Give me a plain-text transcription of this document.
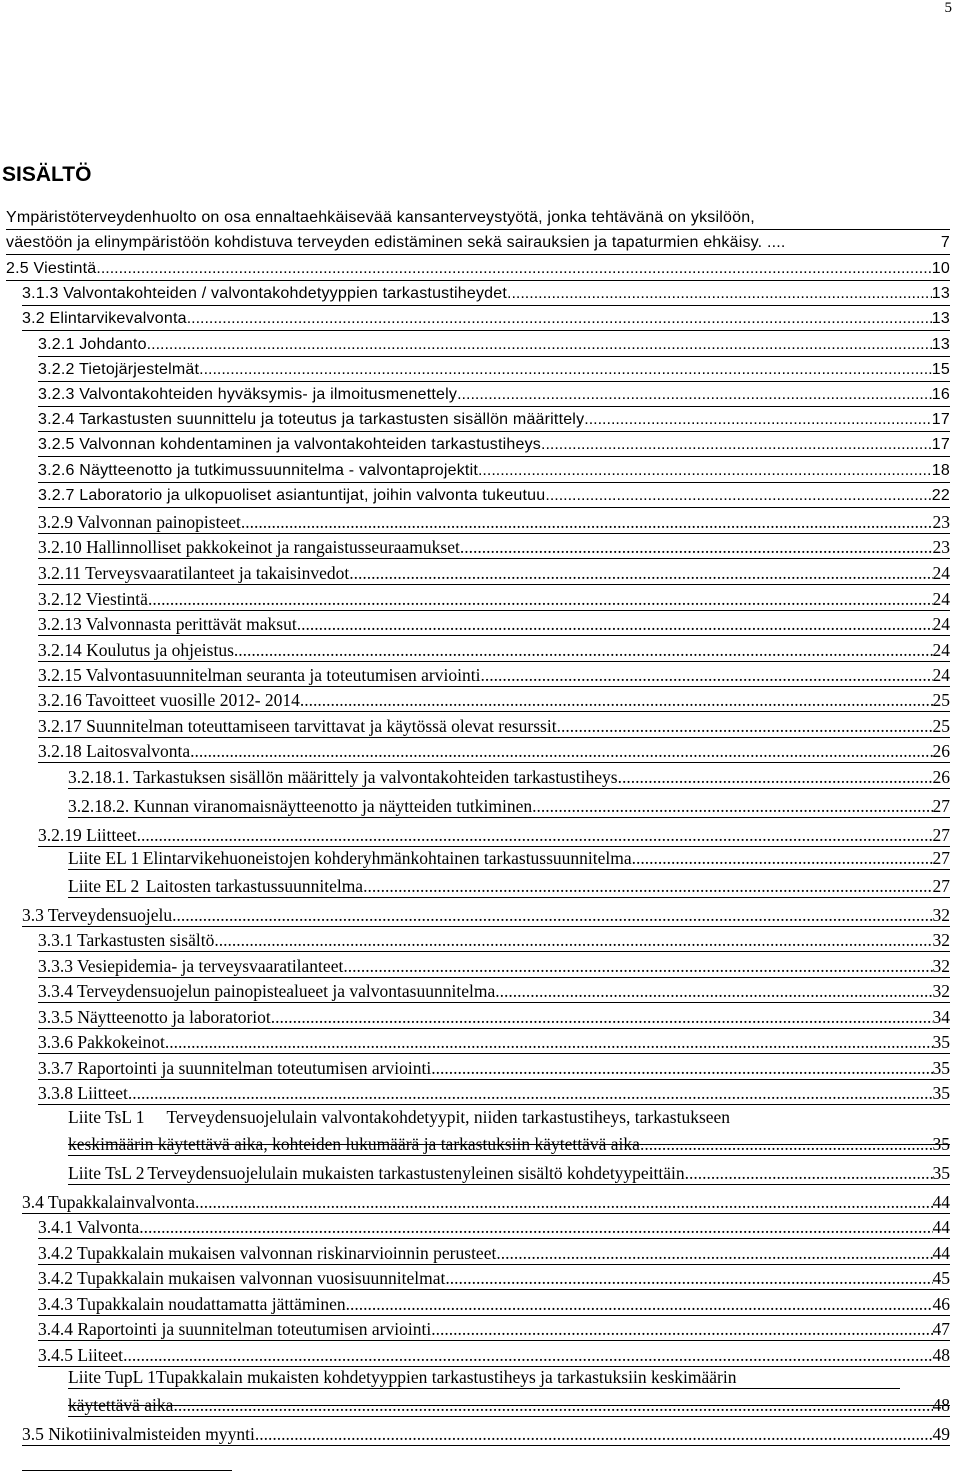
5
SISÄLTÖ
Ympäristöterveydenhuolto on osa ennaltaehkäisevää kansanterveystyötä, jonka tehtävänä on yksilöön,
väestöön ja elinympäristöön kohdistuva terveyden edistäminen sekä sairauksien ja tapaturmien ehkäisy. ....	7
2.5 Viestintä .....	10
3.1.3 Valvontakohteiden / valvontakohdetyyppien tarkastustiheydet .....	13
3.2 Elintarvikevalvonta .....	13
3.2.1 Johdanto .....	13
3.2.2 Tietojärjestelmät .....	15
3.2.3 Valvontakohteiden hyväksymis- ja ilmoitusmenettely .....	16
3.2.4 Tarkastusten suunnittelu ja toteutus ja tarkastusten sisällön määrittely .....	17
3.2.5 Valvonnan kohdentaminen ja valvontakohteiden tarkastustiheys .....	17
3.2.6 Näytteenotto ja tutkimussuunnitelma - valvontaprojektit .....	18
3.2.7 Laboratorio ja ulkopuoliset asiantuntijat, joihin valvonta tukeutuu .....	22
3.2.9 Valvonnan painopisteet .....	23
3.2.10 Hallinnolliset pakkokeinot ja rangaistusseuraamukset .....	23
3.2.11 Terveysvaaratilanteet ja takaisinvedot .....	24
3.2.12 Viestintä .....	24
3.2.13 Valvonnasta perittävät maksut .....	24
3.2.14 Koulutus ja ohjeistus .....	24
3.2.15 Valvontasuunnitelman seuranta ja toteutumisen arviointi .....	24
3.2.16 Tavoitteet vuosille 2012- 2014 .....	25
3.2.17 Suunnitelman toteuttamiseen tarvittavat ja käytössä olevat resurssit .....	25
3.2.18 Laitosvalvonta .....	26
3.2.18.1. Tarkastuksen sisällön määrittely ja valvontakohteiden tarkastustiheys .....	26
3.2.18.2. Kunnan viranomaisnäytteenotto ja näytteiden tutkiminen .....	27
3.2.19 Liitteet .....	27
Liite EL 1 Elintarvikehuoneistojen kohderyhmänkohtainen tarkastussuunnitelma .....	27
Liite EL 2 Laitosten tarkastussuunnitelma .....	27
3.3 Terveydensuojelu .....	32
3.3.1 Tarkastusten sisältö .....	32
3.3.3 Vesiepidemia- ja terveysvaaratilanteet .....	32
3.3.4 Terveydensuojelun painopistealueet ja valvontasuunnitelma .....	32
3.3.5 Näytteenotto ja laboratoriot .....	34
3.3.6 Pakkokeinot .....	35
3.3.7 Raportointi ja suunnitelman toteutumisen arviointi .....	35
3.3.8 Liitteet .....	35
Liite TsL 1 Terveydensuojelulain valvontakohdetyypit, niiden tarkastustiheys, tarkastukseen
keskimäärin käytettävä aika, kohteiden lukumäärä ja tarkastuksiin käytettävä aika .....	35
Liite TsL 2 Terveydensuojelulain mukaisten tarkastustenyleinen sisältö kohdetyypeittäin .....	35
3.4 Tupakkalainvalvonta .....	44
3.4.1 Valvonta .....	44
3.4.2 Tupakkalain mukaisen valvonnan riskinarvioinnin perusteet .....	44
3.4.2 Tupakkalain mukaisen valvonnan vuosisuunnitelmat .....	45
3.4.3 Tupakkalain noudattamatta jättäminen .....	46
3.4.4 Raportointi ja suunnitelman toteutumisen arviointi .....	47
3.4.5 Liiteet .....	48
Liite TupL 1Tupakkalain mukaisten kohdetyyppien tarkastustiheys ja tarkastuksiin keskimäärin
käytettävä aika .....	48
3.5 Nikotiinivalmisteiden myynti .....	49
